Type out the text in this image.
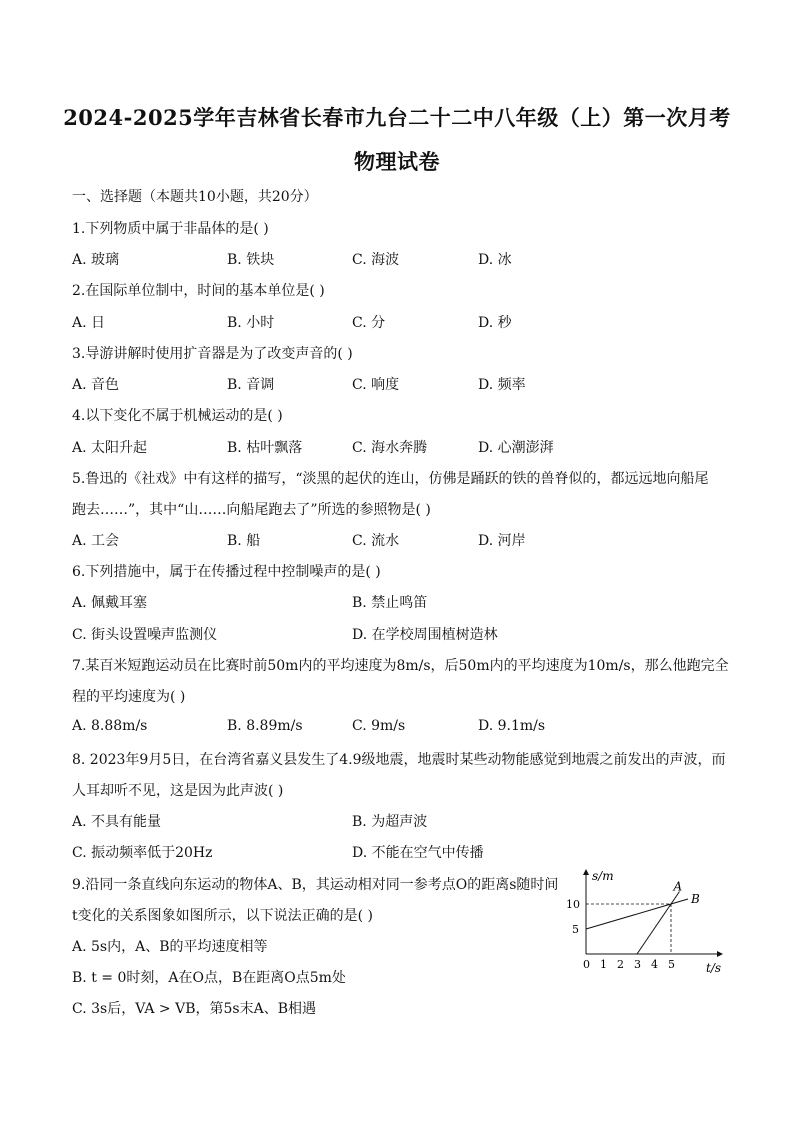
2024-2025学年吉林省长春市九台二十二中八年级（上）第一次月考
物理试卷
一、选择题（本题共10小题，共20分）
1.下列物质中属于非晶体的是( )
A. 玻璃	B. 铁块	C. 海波	D. 冰
2.在国际单位制中，时间的基本单位是( )
A. 日	B. 小时	C. 分	D. 秒
3.导游讲解时使用扩音器是为了改变声音的( )
A. 音色	B. 音调	C. 响度	D. 频率
4.以下变化不属于机械运动的是( )
A. 太阳升起	B. 枯叶飘落	C. 海水奔腾	D. 心潮澎湃
5.鲁迅的《社戏》中有这样的描写，“淡黑的起伏的连山，仿佛是踊跃的铁的兽脊似的，都远远地向船尾
跑去……”，其中“山……向船尾跑去了”所选的参照物是( )
A. 工会	B. 船	C. 流水	D. 河岸
6.下列措施中，属于在传播过程中控制噪声的是( )
A. 佩戴耳塞	B. 禁止鸣笛
C. 街头设置噪声监测仪	D. 在学校周围植树造林
7.某百米短跑运动员在比赛时前50m内的平均速度为8m/s，后50m内的平均速度为10m/s，那么他跑完全
程的平均速度为( )
A. 8.88m/s	B. 8.89m/s	C. 9m/s	D. 9.1m/s
8. 2023年9月5日，在台湾省嘉义县发生了4.9级地震，地震时某些动物能感觉到地震之前发出的声波，而
人耳却听不见，这是因为此声波( )
A. 不具有能量	B. 为超声波
C. 振动频率低于20Hz	D. 不能在空气中传播
9.沿同一条直线向东运动的物体A、B，其运动相对同一参考点O的距离s随时间
t变化的关系图象如图所示，以下说法正确的是( )
A. 5s内，A、B的平均速度相等
B. t = 0时刻，A在O点，B在距离O点5m处
C. 3s后，VA > VB，第5s末A、B相遇
0 1 2 3 4 5
5
10
A
B
s/m
t/s
